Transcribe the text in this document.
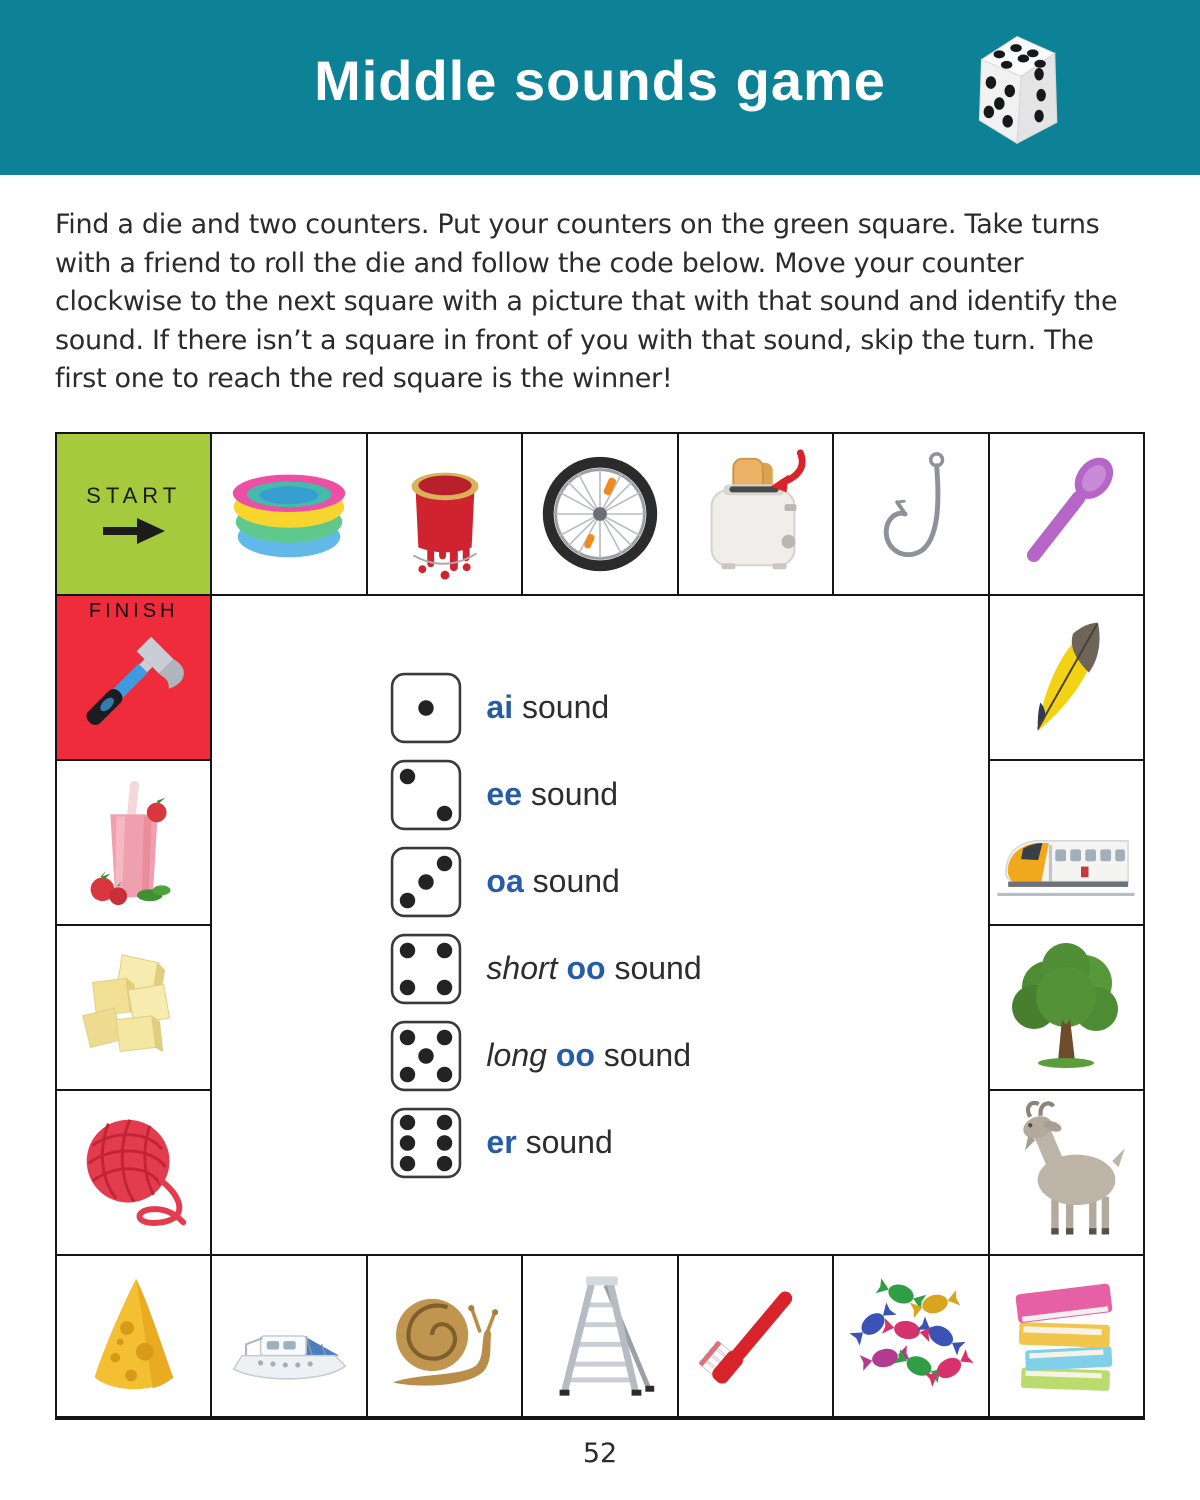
Middle sounds game
Find a die and two counters. Put your counters on the green square. Take turns with a friend to roll the die and follow the code below. Move your counter clockwise to the next square with a picture that with that sound and identify the sound. If there isn’t a square in front of you with that sound, skip the turn. The first one to reach the red square is the winner!
START
FINISH
ai sound
ee sound
oa sound
short oo sound
long oo sound
er sound
52
